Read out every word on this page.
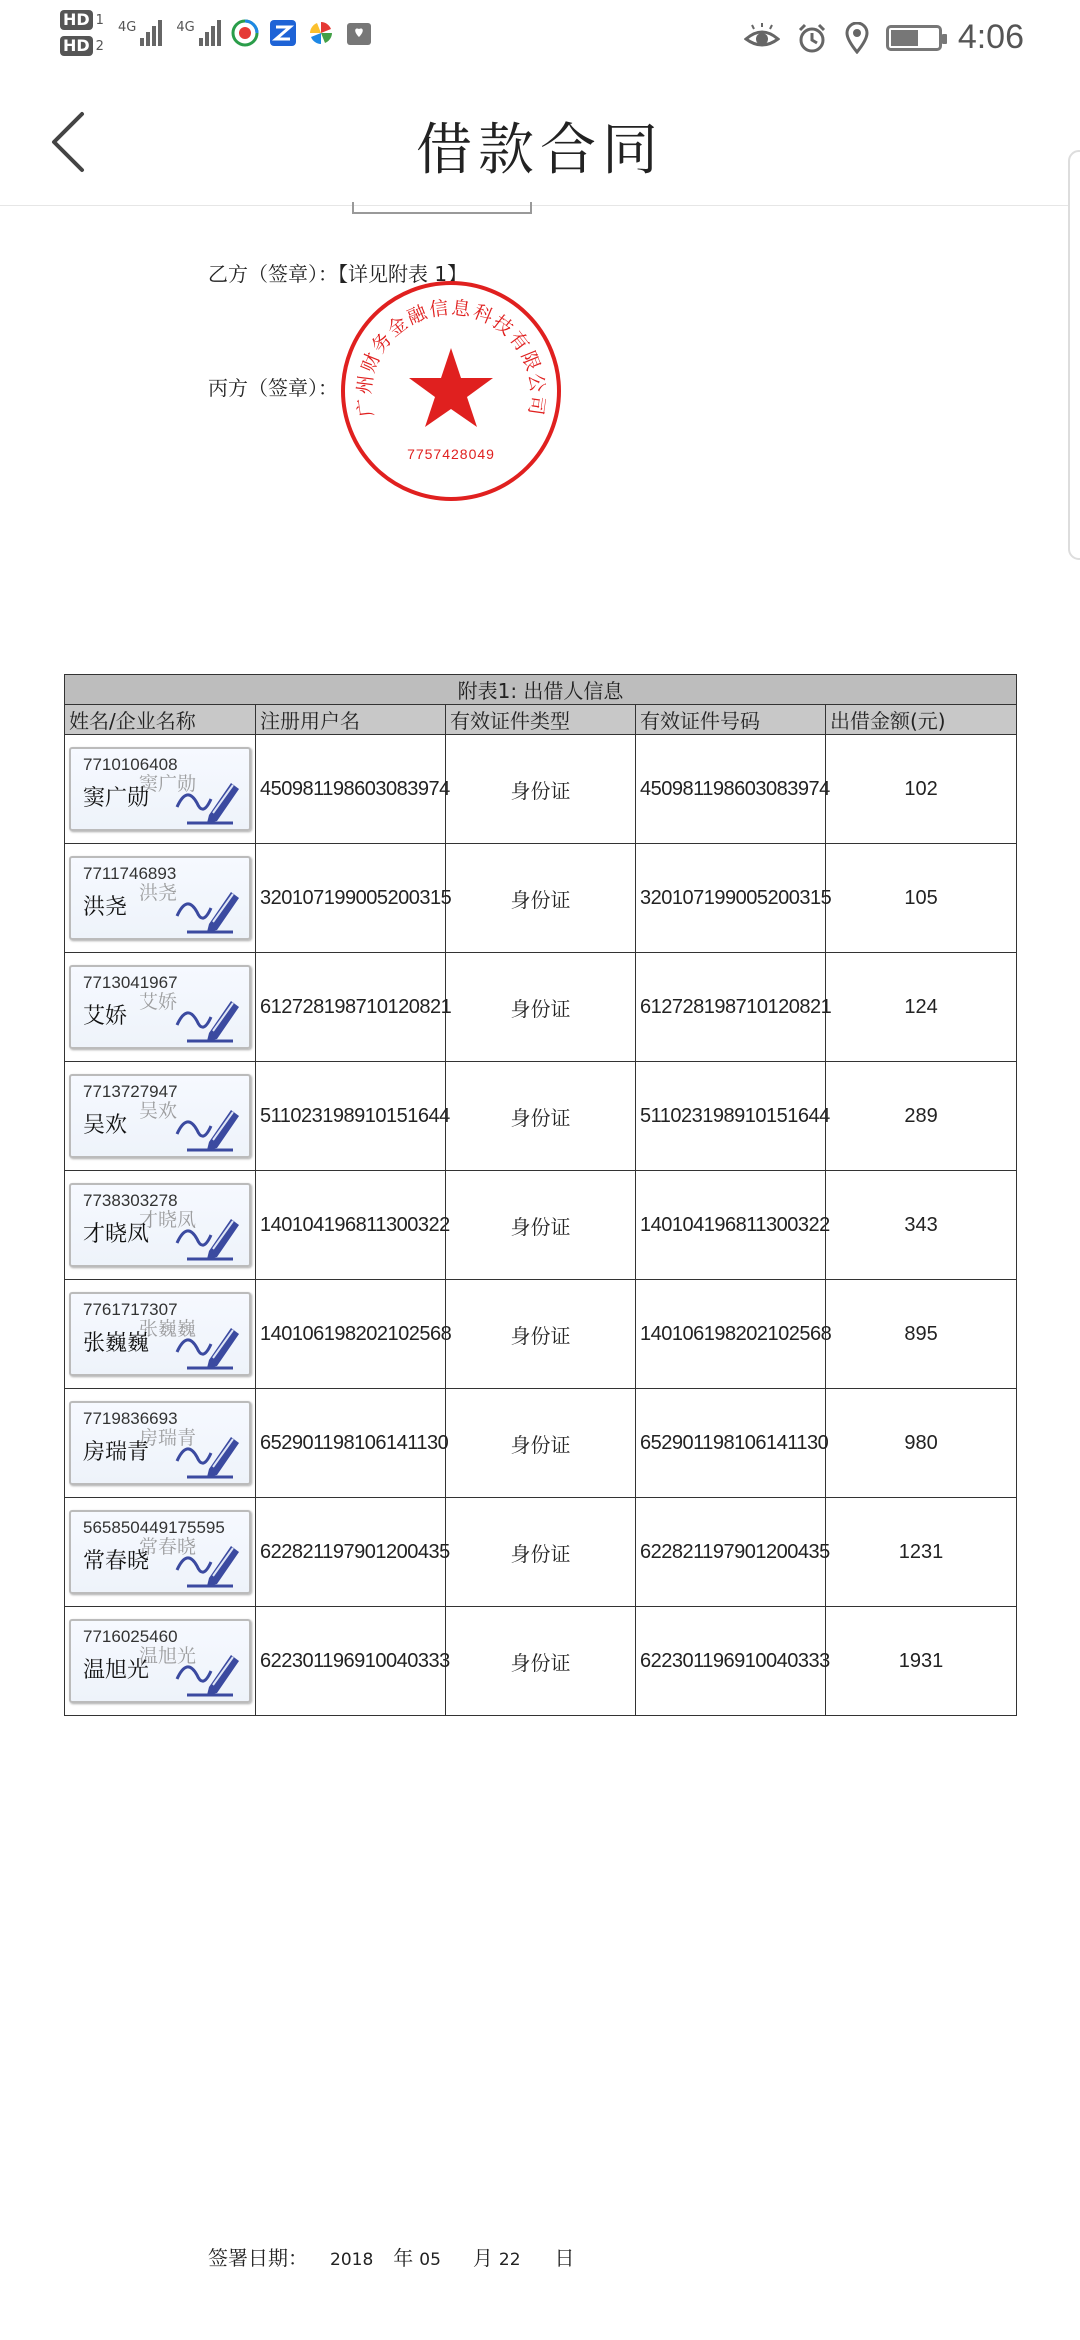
HD 1
HD 2
4G	4G	4:06
借款合同
乙方（签章）：【详见附表 1】
丙方（签章）：
广州财务金融信息科技有限公司
7757428049
附表1: 出借人信息				
姓名/企业名称	注册用户名	有效证件类型	有效证件号码	出借金额(元)

7710106408
窦广勋
窦广勋	450981198603083974	身份证	450981198603083974	102

7711746893
洪尧
洪尧	320107199005200315	身份证	320107199005200315	105

7713041967
艾娇
艾娇	612728198710120821	身份证	612728198710120821	124

7713727947
吴欢
吴欢	511023198910151644	身份证	511023198910151644	289

7738303278
才晓凤
才晓凤	140104196811300322	身份证	140104196811300322	343

7761717307
张巍巍
张巍巍	140106198202102568	身份证	140106198202102568	895

7719836693
房瑞青
房瑞青	652901198106141130	身份证	652901198106141130	980

565850449175595
常春晓
常春晓	622821197901200435	身份证	622821197901200435	1231

7716025460
温旭光
温旭光	622301196910040333	身份证	622301196910040333	1931
签署日期： 2018 年 05 月 22 日
